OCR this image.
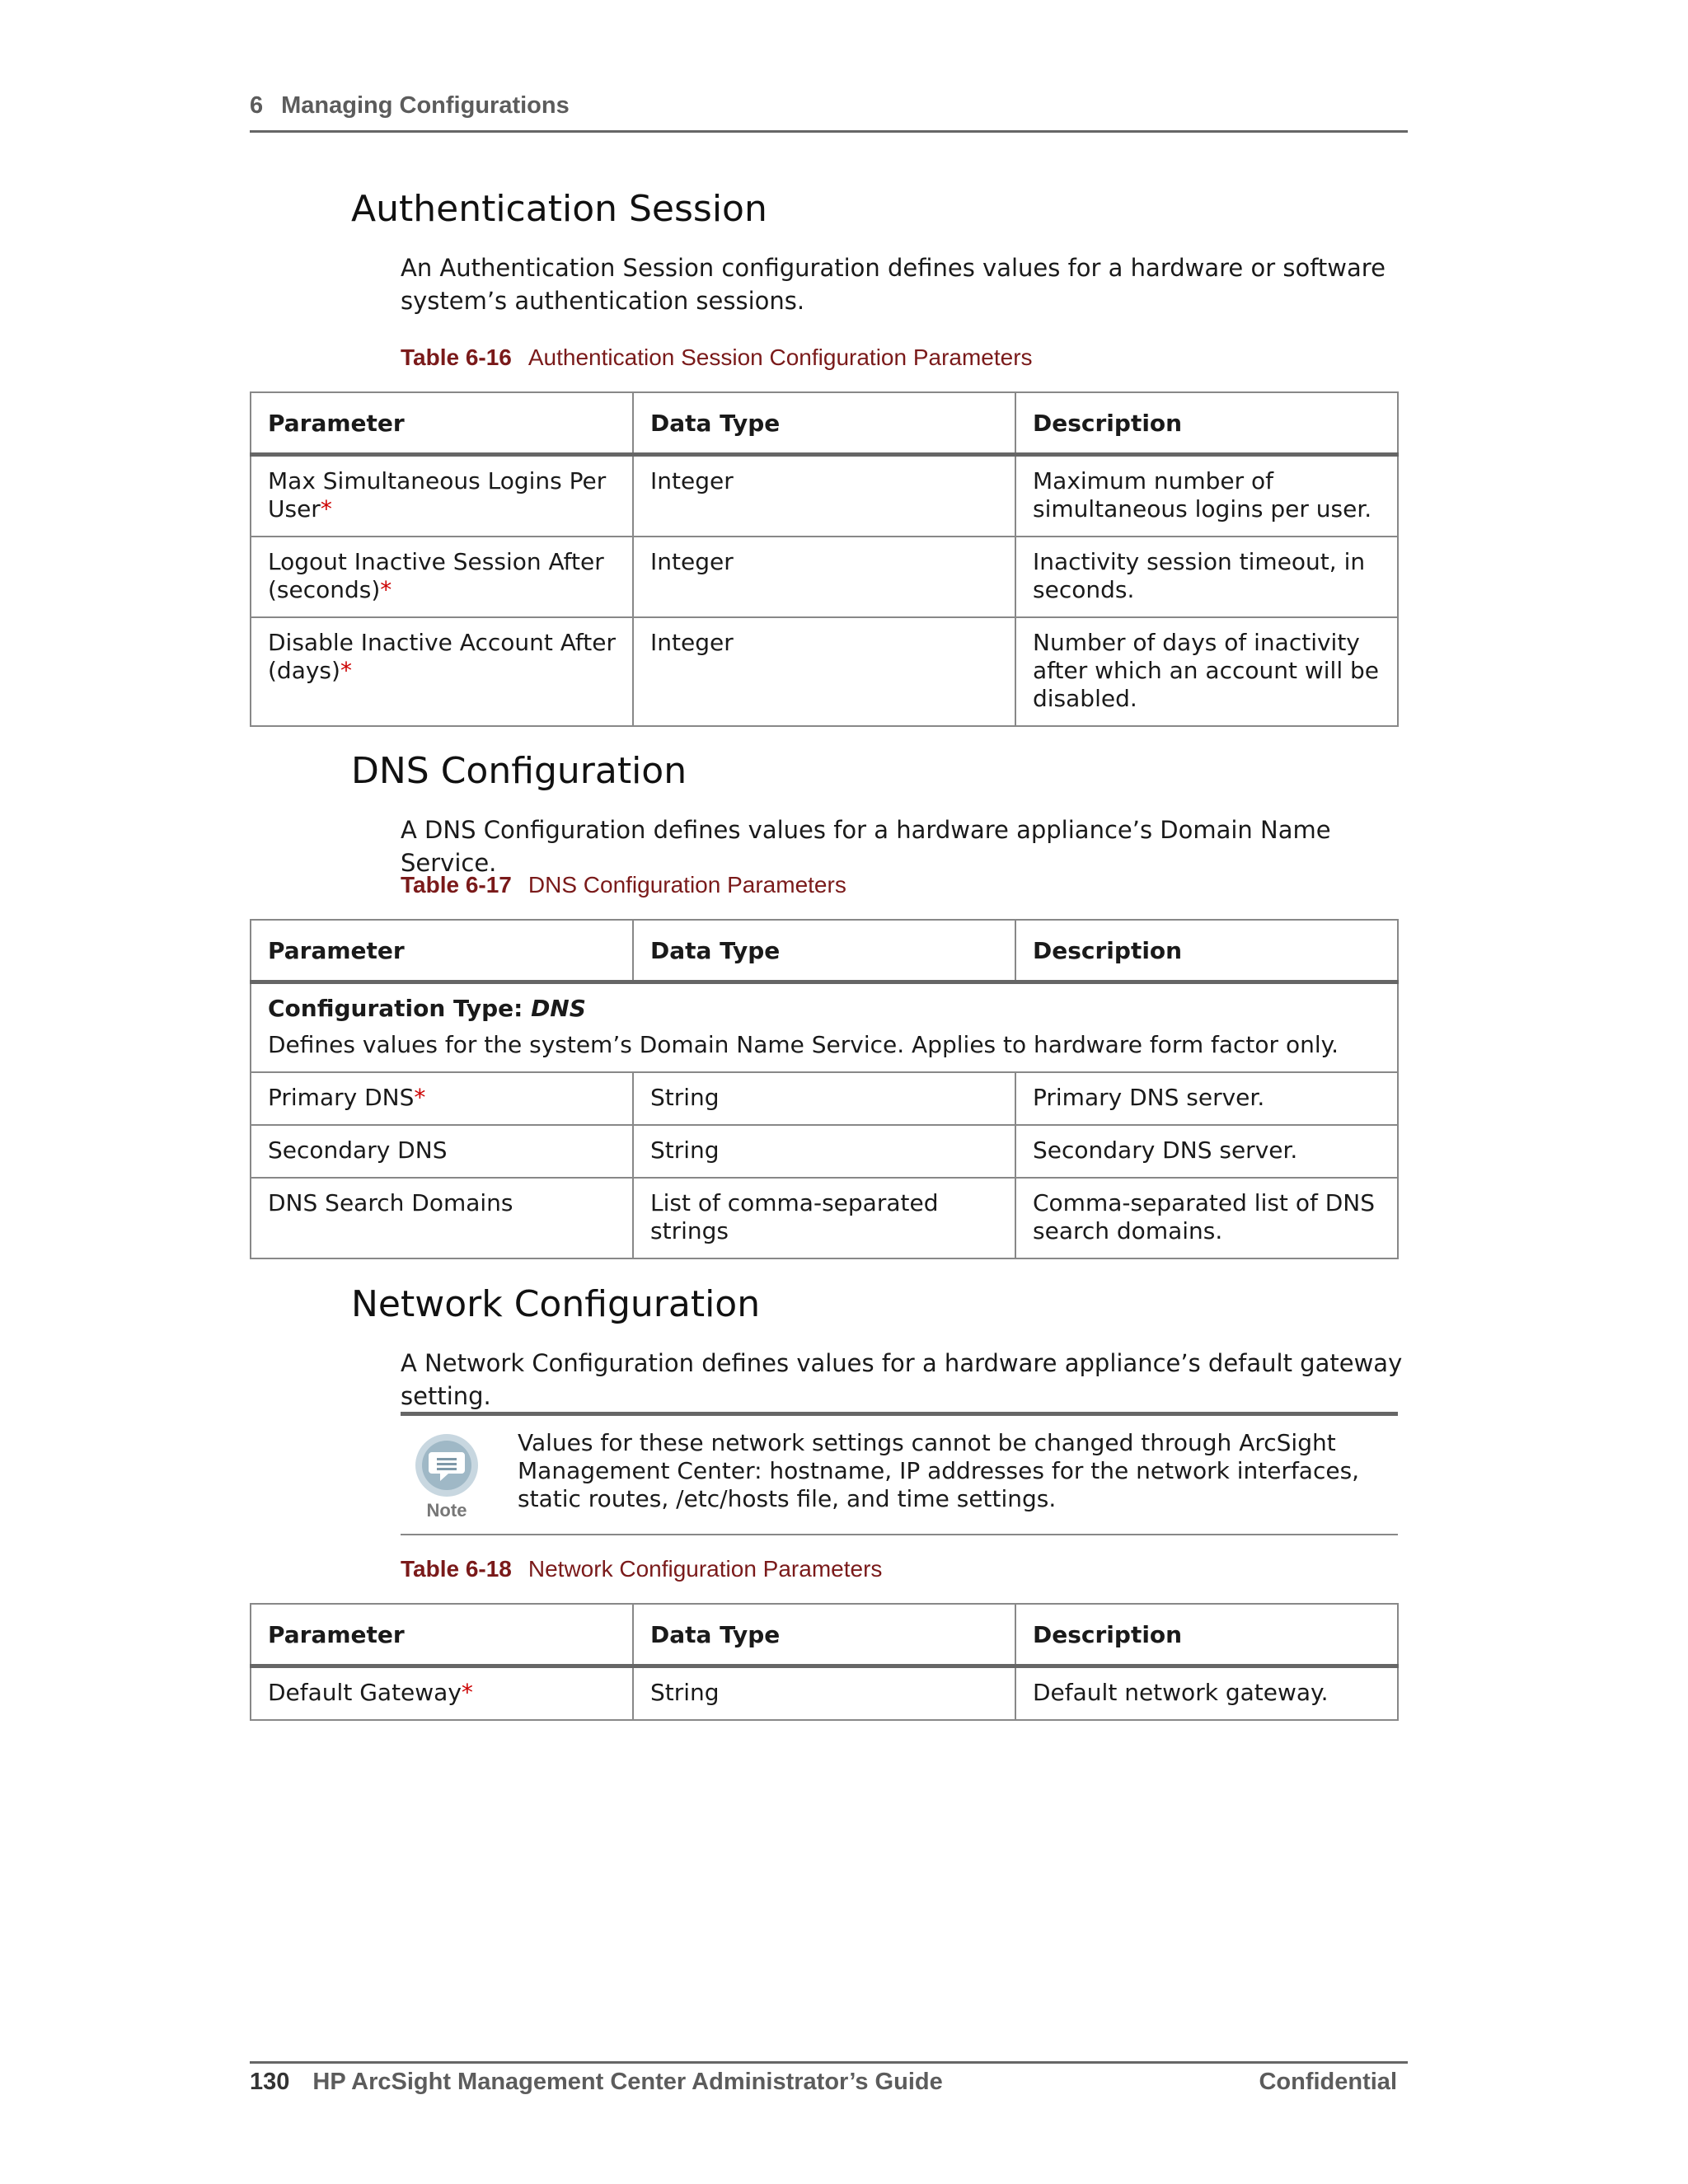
6 Managing Configurations
Authentication Session

An Authentication Session configuration defines values for a hardware or software system’s authentication sessions.

Table 6-16 Authentication Session Configuration Parameters
Parameter	Data Type	Description
Max Simultaneous Logins Per User*	Integer	Maximum number of simultaneous logins per user.
Logout Inactive Session After (seconds)*	Integer	Inactivity session timeout, in seconds.
Disable Inactive Account After (days)*	Integer	Number of days of inactivity after which an account will be disabled.
DNS Configuration

A DNS Configuration defines values for a hardware appliance’s Domain Name Service.

Table 6-17 DNS Configuration Parameters
Parameter	Data Type	Description

Configuration Type: DNS
Defines values for the system’s Domain Name Service. Applies to hardware form factor only.		
Primary DNS*	String	Primary DNS server.
Secondary DNS	String	Secondary DNS server.
DNS Search Domains	List of comma-separated strings	Comma-separated list of DNS search domains.
Network Configuration

A Network Configuration defines values for a hardware appliance’s default gateway setting.

Note
Values for these network settings cannot be changed through ArcSight Management Center: hostname, IP addresses for the network interfaces, static routes, /etc/hosts file, and time settings.
Table 6-18 Network Configuration Parameters
Parameter	Data Type	Description
Default Gateway*	String	Default network gateway.
130 HP ArcSight Management Center Administrator’s Guide	Confidential
